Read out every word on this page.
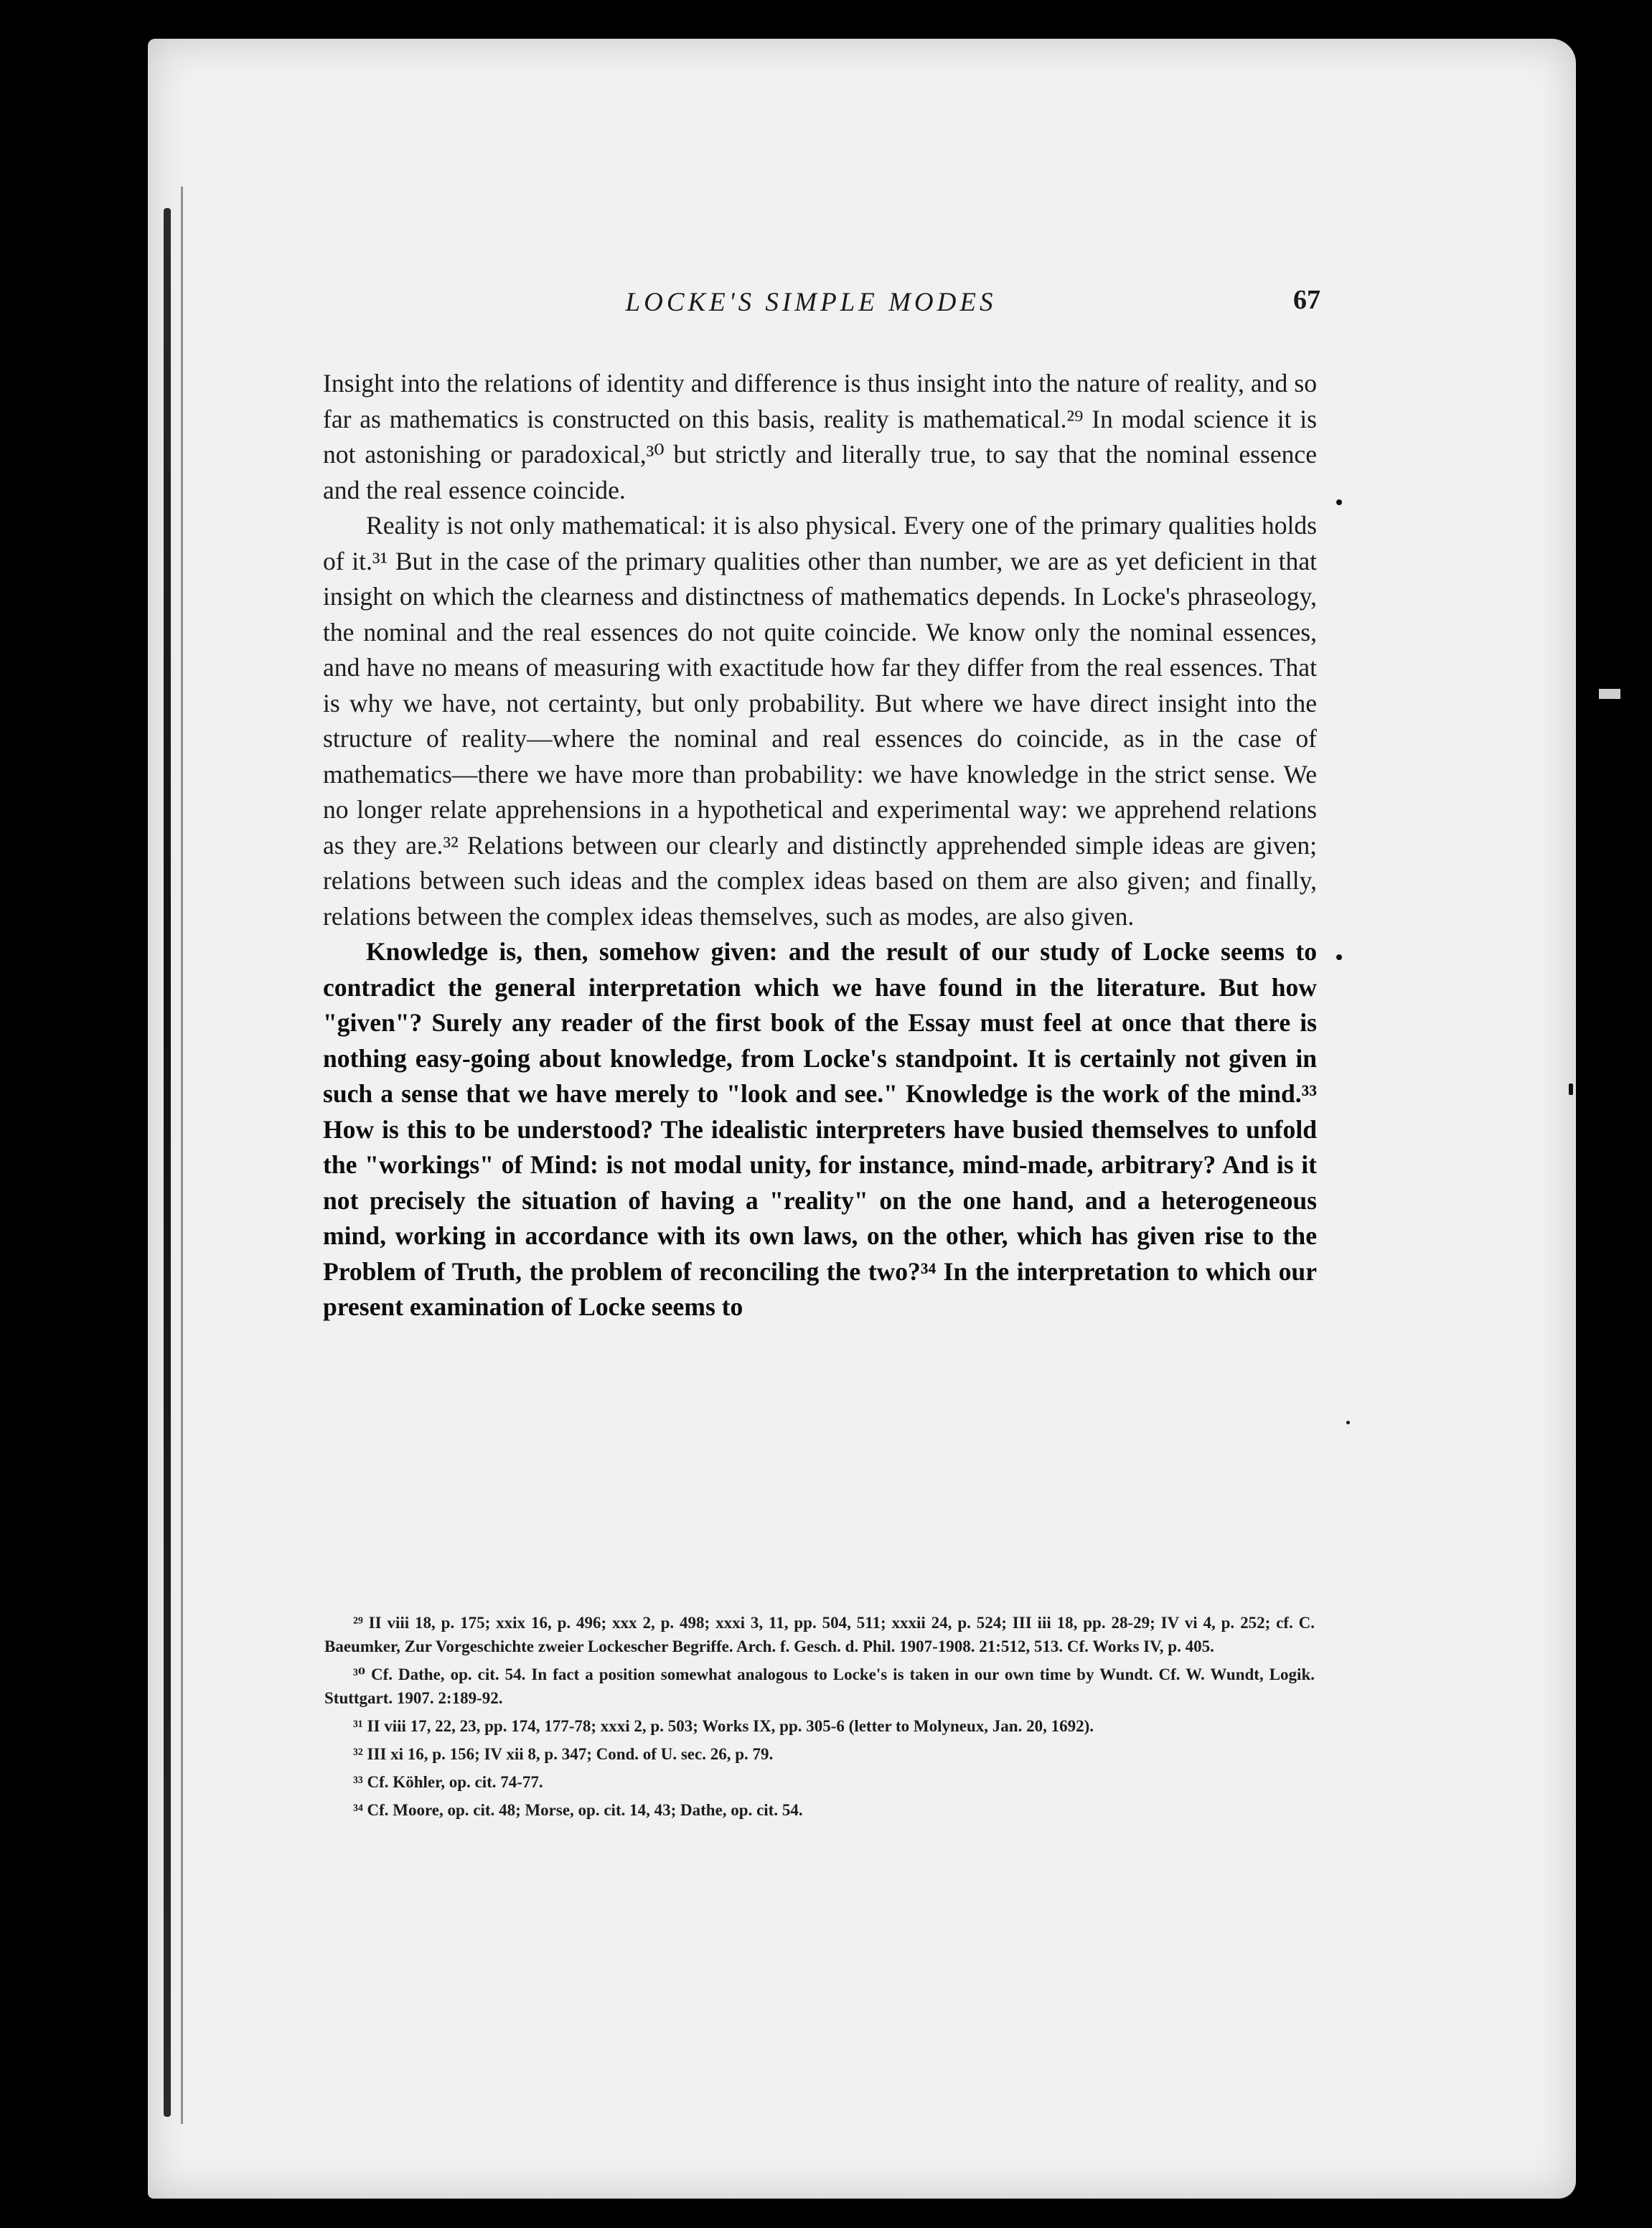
LOCKE'S SIMPLE MODES	67

Insight into the relations of identity and difference is thus insight into the nature of reality, and so far as mathematics is constructed on this basis, reality is mathematical.²⁹ In modal science it is not astonishing or paradoxical,³⁰ but strictly and literally true, to say that the nominal essence and the real essence coincide.

Reality is not only mathematical: it is also physical. Every one of the primary qualities holds of it.³¹ But in the case of the primary qualities other than number, we are as yet deficient in that insight on which the clearness and distinctness of mathematics depends. In Locke's phraseology, the nominal and the real essences do not quite coincide. We know only the nominal essences, and have no means of measuring with exactitude how far they differ from the real essences. That is why we have, not certainty, but only probability. But where we have direct insight into the structure of reality—where the nominal and real essences do coincide, as in the case of mathematics—there we have more than probability: we have knowledge in the strict sense. We no longer relate apprehensions in a hypothetical and experimental way: we apprehend relations as they are.³² Relations between our clearly and distinctly apprehended simple ideas are given; relations between such ideas and the complex ideas based on them are also given; and finally, relations between the complex ideas themselves, such as modes, are also given.

Knowledge is, then, somehow given: and the result of our study of Locke seems to contradict the general interpretation which we have found in the literature. But how "given"? Surely any reader of the first book of the Essay must feel at once that there is nothing easy-going about knowledge, from Locke's standpoint. It is certainly not given in such a sense that we have merely to "look and see." Knowledge is the work of the mind.³³ How is this to be understood? The idealistic interpreters have busied themselves to unfold the "workings" of Mind: is not modal unity, for instance, mind-made, arbitrary? And is it not precisely the situation of having a "reality" on the one hand, and a heterogeneous mind, working in accordance with its own laws, on the other, which has given rise to the Problem of Truth, the problem of reconciling the two?³⁴ In the interpretation to which our present examination of Locke seems to

²⁹ II viii 18, p. 175; xxix 16, p. 496; xxx 2, p. 498; xxxi 3, 11, pp. 504, 511; xxxii 24, p. 524; III iii 18, pp. 28-29; IV vi 4, p. 252; cf. C. Baeumker, Zur Vorgeschichte zweier Lockescher Begriffe. Arch. f. Gesch. d. Phil. 1907-1908. 21:512, 513. Cf. Works IV, p. 405.

³⁰ Cf. Dathe, op. cit. 54. In fact a position somewhat analogous to Locke's is taken in our own time by Wundt. Cf. W. Wundt, Logik. Stuttgart. 1907. 2:189-92.

³¹ II viii 17, 22, 23, pp. 174, 177-78; xxxi 2, p. 503; Works IX, pp. 305-6 (letter to Molyneux, Jan. 20, 1692).

³² III xi 16, p. 156; IV xii 8, p. 347; Cond. of U. sec. 26, p. 79.

³³ Cf. Köhler, op. cit. 74-77.

³⁴ Cf. Moore, op. cit. 48; Morse, op. cit. 14, 43; Dathe, op. cit. 54.
